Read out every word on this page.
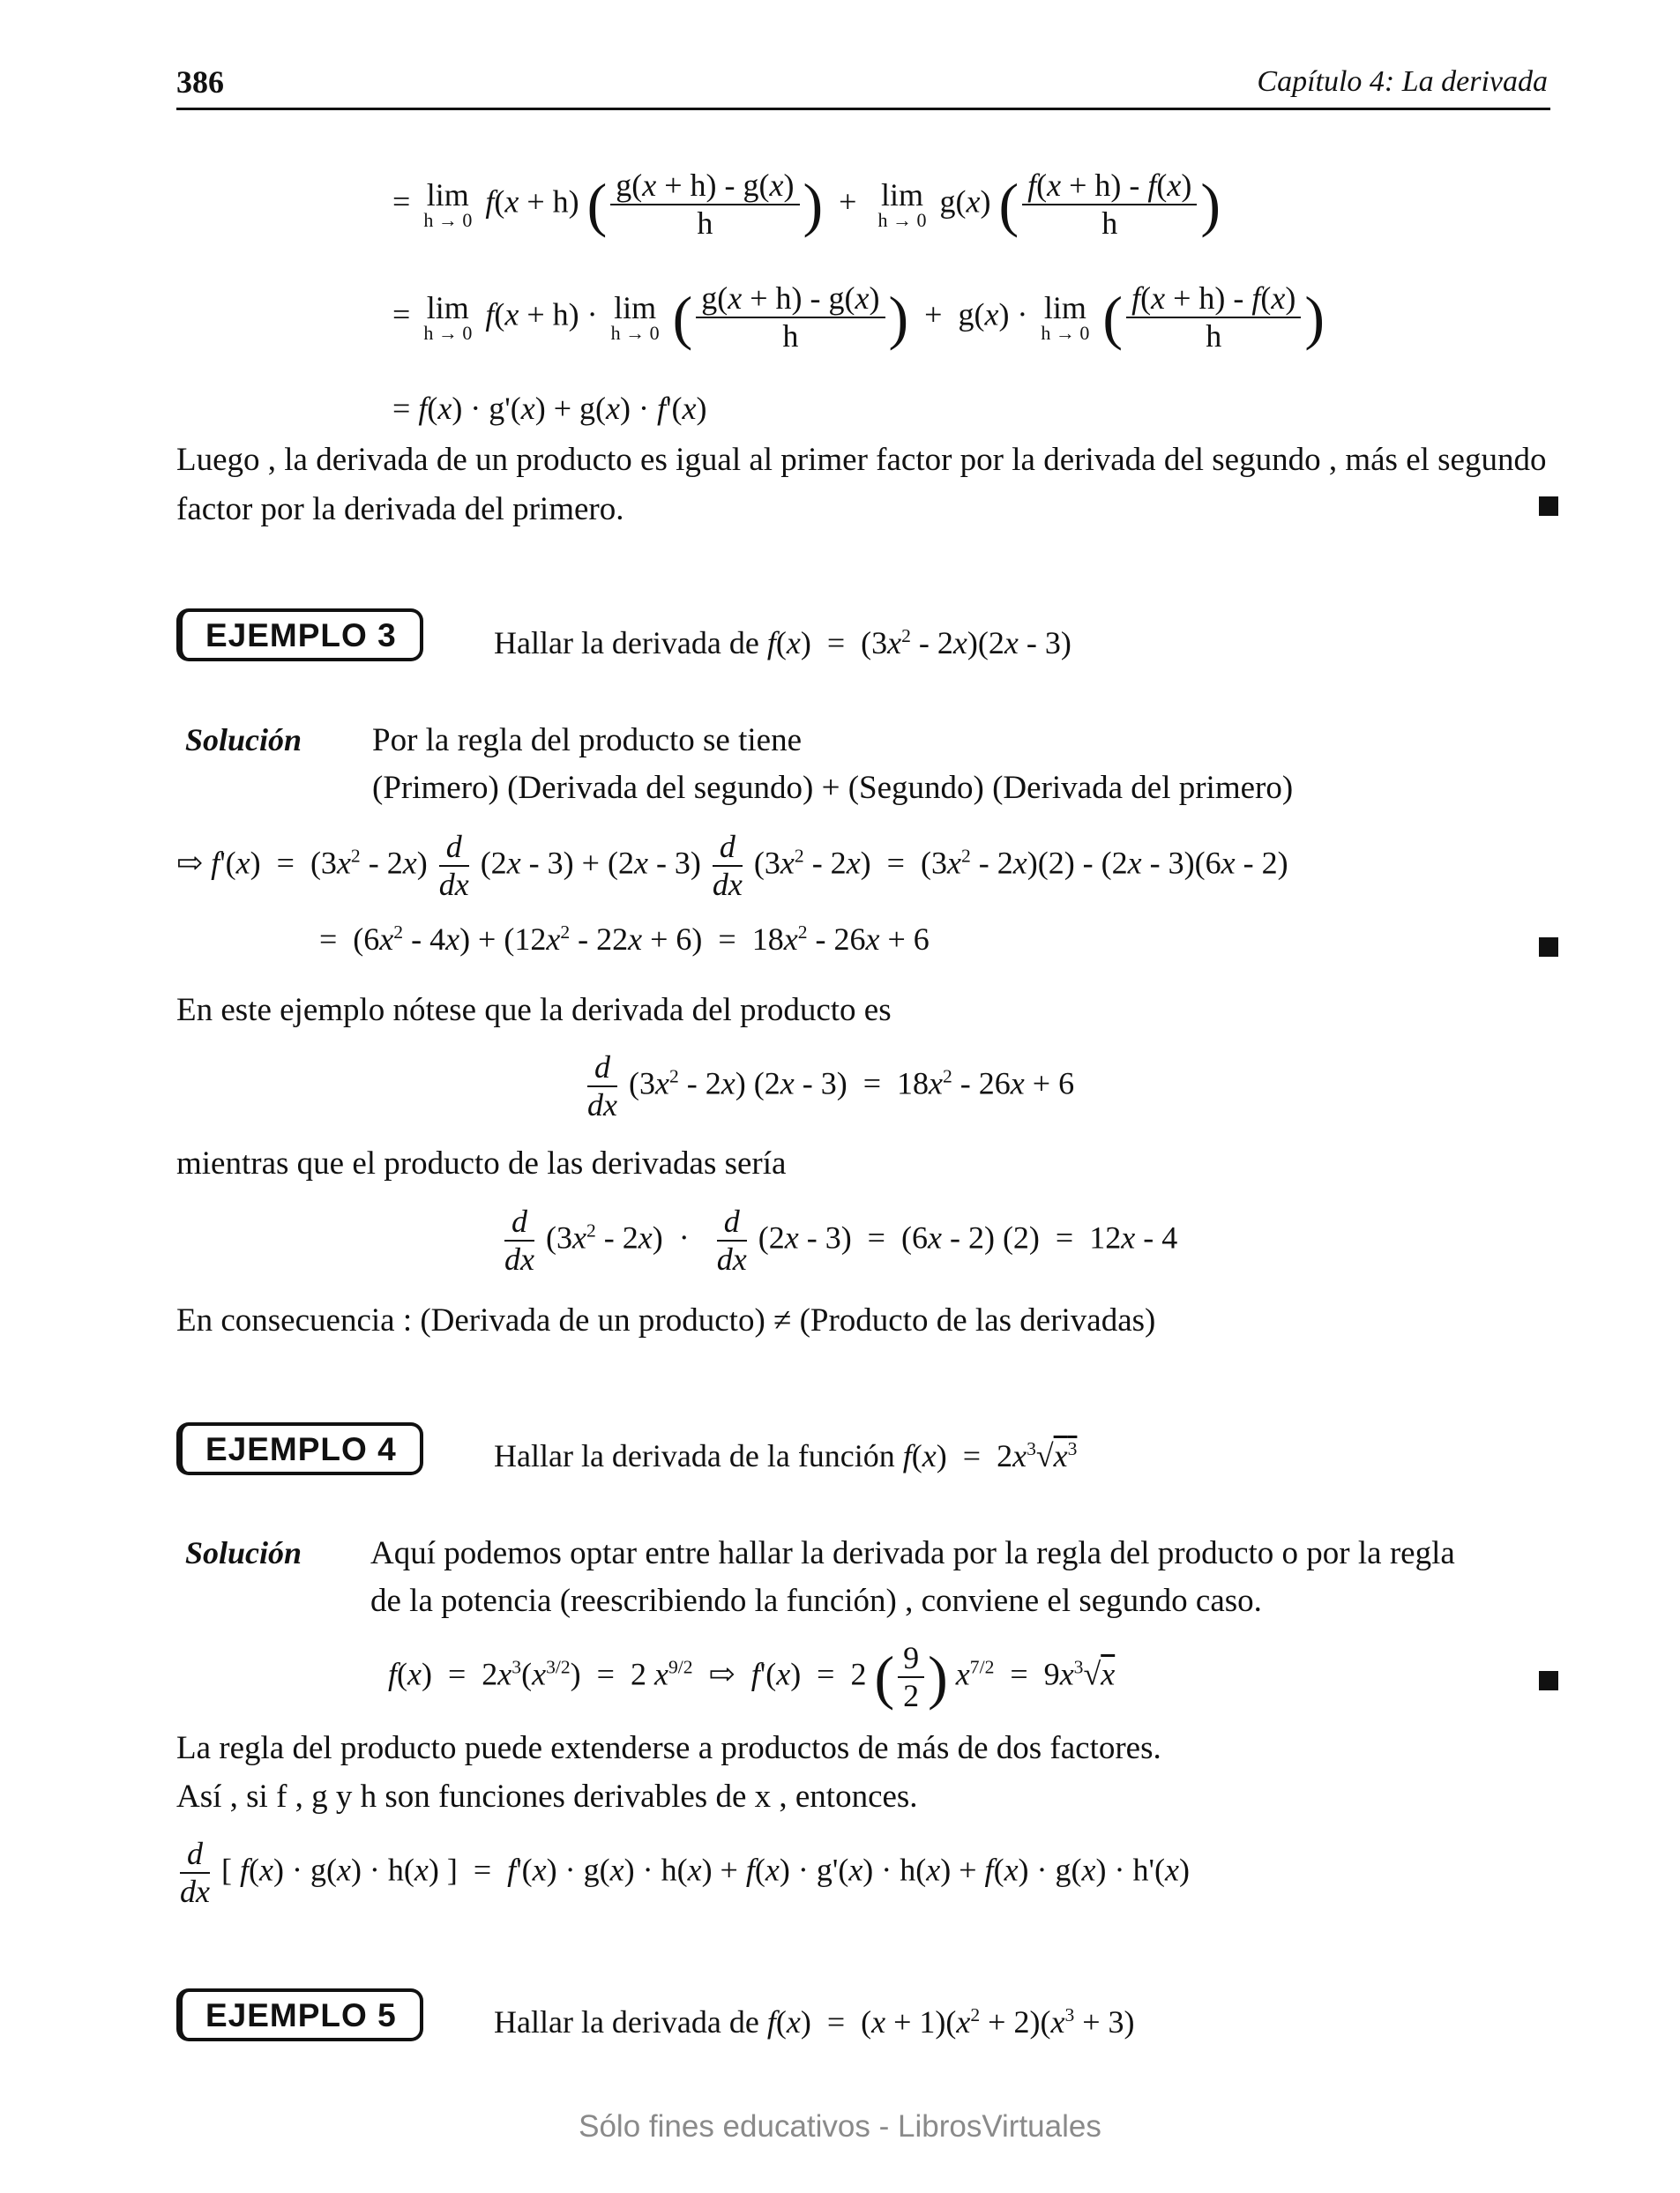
386	Capítulo 4: La derivada
= lim
h → 0
f(x + h) ( $\frac{g(x + h) - g(x)}{h}$ )  + lim
h → 0
g(x) ( $\frac{f(x + h) - f(x)}{h}$ )
= lim
h → 0
f(x + h) · lim
h → 0 ( $\frac{g(x + h) - g(x)}{h}$ )  +  g(x) · lim
h → 0 ( $\frac{f(x + h) - f(x)}{h}$ )
= f(x) · g'(x) + g(x) · f'(x)
Luego , la derivada de un producto es igual al primer factor por la derivada del segundo , más el segundo factor por la derivada del primero.
EJEMPLO 3	Hallar la derivada de $f(x) = (3x^2 - 2x)(2x - 3)$
Solución Por la regla del producto se tiene
(Primero) (Derivada del segundo) + (Segundo) (Derivada del primero)
⇨ $f'(x) = (3x^2 - 2x) \frac{d}{dx} (2x - 3) + (2x - 3) \frac{d}{dx} (3x^2 - 2x) = (3x^2 - 2x)(2) - (2x - 3)(6x - 2)$
=  $(6x^2 - 4x) + (12x^2 - 22x + 6) = 18x^2 - 26x + 6$
En este ejemplo nótese que la derivada del producto es
$\frac{d}{dx} (3x^2 - 2x)$ $(2x - 3) = 18x^2 - 26x + 6$
mientras que el producto de las derivadas sería
$\frac{d}{dx} (3x^2 - 2x) \cdot \frac{d}{dx} (2x - 3) = (6x - 2) (2) = 12x - 4$
En consecuencia : (Derivada de un producto) ≠ (Producto de las derivadas)
EJEMPLO 4	Hallar la derivada de la función $f(x) = 2x^3√x^3$
Solución Aquí podemos optar entre hallar la derivada por la regla del producto o por la regla
de la potencia (reescribiendo la función) , conviene el segundo caso.
$f(x) = 2x^3(x^{3/2}) = 2$ $x^{9/2}$  ⇨  f'(x)  =  2 ( $\frac{9}{2}$ ) $x^{7/2} = 9x^3√x$
La regla del producto puede extenderse a productos de más de dos factores.
Así , si f , g y h son funciones derivables de x , entonces.
$\frac{d}{dx}$ [ f(x) · g(x) · h(x) ]  =  f'(x) · g(x) · h(x) + f(x) · g'(x) · h(x) + f(x) · g(x) · h'(x)
EJEMPLO 5	Hallar la derivada de $f(x) = (x + 1)(x^2 + 2)(x^3 + 3)$
Sólo fines educativos - LibrosVirtuales
